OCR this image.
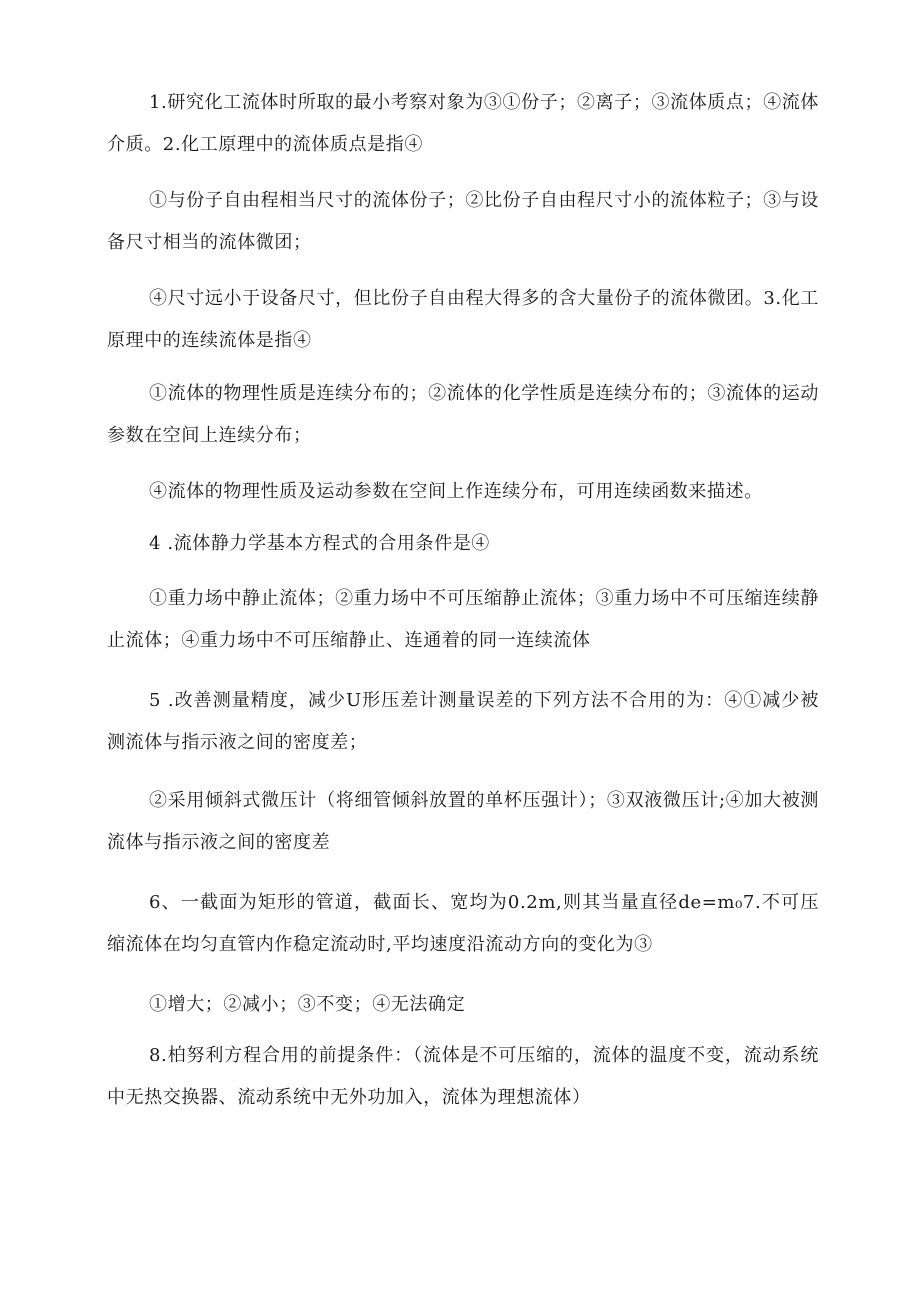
1.研究化工流体时所取的最小考察对象为③①份子；②离子；③流体质点；④流体介质。2.化工原理中的流体质点是指④

①与份子自由程相当尺寸的流体份子；②比份子自由程尺寸小的流体粒子；③与设备尺寸相当的流体微团；

④尺寸远小于设备尺寸，但比份子自由程大得多的含大量份子的流体微团。3.化工原理中的连续流体是指④

①流体的物理性质是连续分布的；②流体的化学性质是连续分布的；③流体的运动参数在空间上连续分布；

④流体的物理性质及运动参数在空间上作连续分布，可用连续函数来描述。

4 .流体静力学基本方程式的合用条件是④

①重力场中静止流体；②重力场中不可压缩静止流体；③重力场中不可压缩连续静止流体；④重力场中不可压缩静止、连通着的同一连续流体

5 .改善测量精度，减少U形压差计测量误差的下列方法不合用的为：④①减少被测流体与指示液之间的密度差；

②采用倾斜式微压计（将细管倾斜放置的单杯压强计）；③双液微压计;④加大被测流体与指示液之间的密度差

6、一截面为矩形的管道，截面长、宽均为0.2m,则其当量直径de=m₀7.不可压缩流体在均匀直管内作稳定流动时,平均速度沿流动方向的变化为③

①增大；②减小；③不变；④无法确定

8.柏努利方程合用的前提条件：（流体是不可压缩的，流体的温度不变，流动系统中无热交换器、流动系统中无外功加入，流体为理想流体）
